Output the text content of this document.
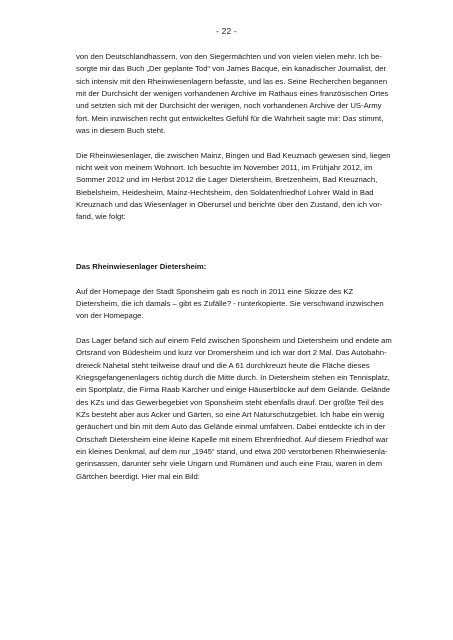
- 22 -
von den Deutschlandhassern, von den Siegermächten und von vielen vielen mehr. Ich be-
sorgte mir das Buch „Der geplante Tod“ von James Bacque, ein kanadischer Journalist, der
sich intensiv mit den Rheinwiesenlagern befasste, und las es. Seine Recherchen begannen
mit der Durchsicht der wenigen vorhandenen Archive im Rathaus eines französischen Ortes
und setzten sich mit der Durchsicht der wenigen, noch vorhandenen Archive der US-Army
fort. Mein inzwischen recht gut entwickeltes Gefühl für die Wahrheit sagte mir: Das stimmt,
was in diesem Buch steht.
Die Rheinwiesenlager, die zwischen Mainz, Bingen und Bad Keuznach gewesen sind, liegen
nicht weit von meinem Wohnort. Ich besuchte im November 2011, im Frühjahr 2012, im
Sommer 2012 und im Herbst 2012 die Lager Dietersheim, Bretzenheim, Bad Kreuznach,
Biebelsheim, Heidesheim, Mainz-Hechtsheim, den Soldatenfriedhof Lohrer Wald in Bad
Kreuznach und das Wiesenlager in Oberursel und berichte über den Zustand, den ich vor-
fand, wie folgt:
Das Rheinwiesenlager Dietersheim:
Auf der Homepage der Stadt Sponsheim gab es noch in 2011 eine Skizze des KZ
Dietersheim, die ich damals – gibt es Zufälle? - runterkopierte. Sie verschwand inzwischen
von der Homepage.
Das Lager befand sich auf einem Feld zwischen Sponsheim und Dietersheim und endete am
Ortsrand von Büdesheim und kurz vor Dromersheim und ich war dort 2 Mal. Das Autobahn-
dreieck Nahetal steht teilweise drauf und die A 61 durchkreuzt heute die Fläche dieses
Kriegsgefangenenlagers richtig durch die Mitte durch. In Dietersheim stehen ein Tennisplatz,
ein Sportplatz, die Firma Raab Karcher und einige Häuserblöcke auf dem Gelände. Gelände
des KZs und das Gewerbegebiet von Sponsheim steht ebenfalls drauf. Der größte Teil des
KZs besteht aber aus Acker und Gärten, so eine Art Naturschutzgebiet. Ich habe ein wenig
geräuchert und bin mit dem Auto das Gelände einmal umfahren. Dabei entdeckte ich in der
Ortschaft Dietersheim eine kleine Kapelle mit einem Ehrenfriedhof. Auf diesem Friedhof war
ein kleines Denkmal, auf dem nur „1945“ stand, und etwa 200 verstorbenen Rheinwiesenla-
gerinsassen, darunter sehr viele Ungarn und Rumänen und auch eine Frau, waren in dem
Gärtchen beerdigt. Hier mal ein Bild:
